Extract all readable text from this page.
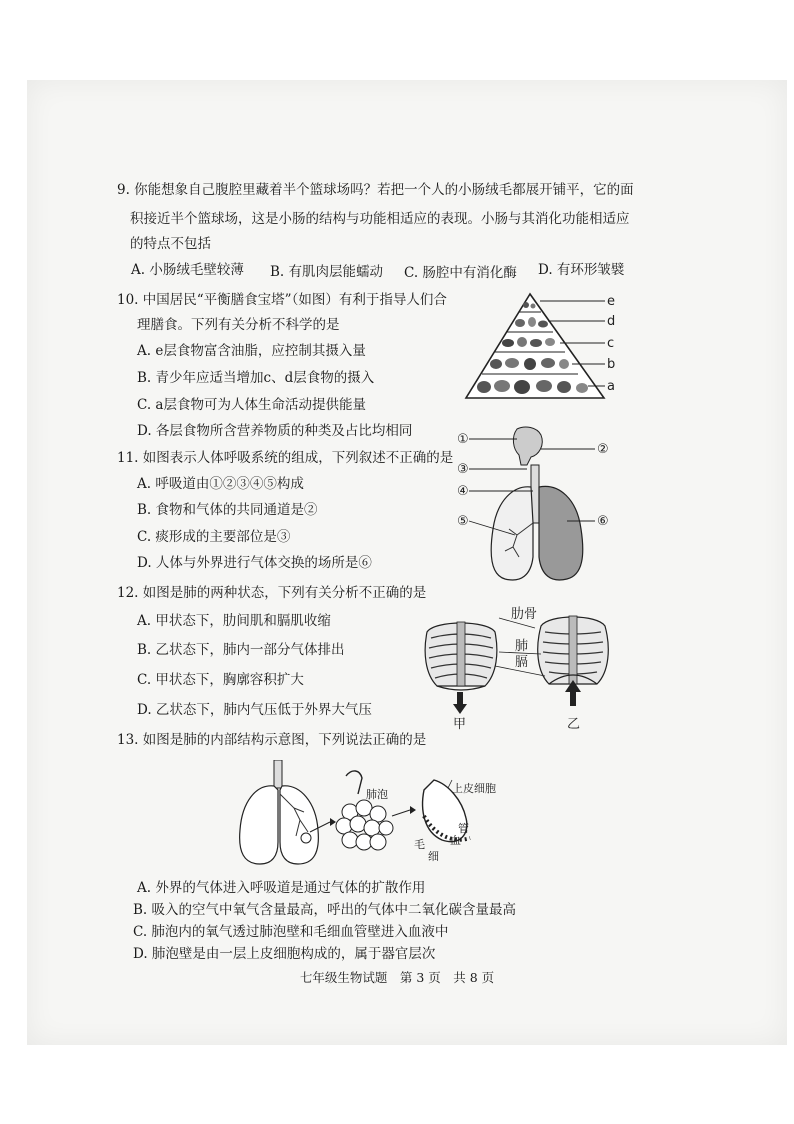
9. 你能想象自己腹腔里藏着半个篮球场吗？若把一个人的小肠绒毛都展开铺平，它的面
积接近半个篮球场，这是小肠的结构与功能相适应的表现。小肠与其消化功能相适应
的特点不包括
A. 小肠绒毛壁较薄 B. 有肌肉层能蠕动 C. 肠腔中有消化酶 D. 有环形皱襞
10. 中国居民“平衡膳食宝塔”（如图）有利于指导人们合
理膳食。下列有关分析不科学的是
A. e层食物富含油脂，应控制其摄入量
B. 青少年应适当增加c、d层食物的摄入
C. a层食物可为人体生命活动提供能量
D. 各层食物所含营养物质的种类及占比均相同
e
d
c
b
a
11. 如图表示人体呼吸系统的组成，下列叙述不正确的是
A. 呼吸道由①②③④⑤构成
B. 食物和气体的共同通道是②
C. 痰形成的主要部位是③
D. 人体与外界进行气体交换的场所是⑥
①
②
③
④
⑤	⑥
12. 如图是肺的两种状态，下列有关分析不正确的是
A. 甲状态下，肋间肌和膈肌收缩
B. 乙状态下，肺内一部分气体排出
C. 甲状态下，胸廓容积扩大
D. 乙状态下，肺内气压低于外界大气压
肋骨
肺
膈
甲	乙
13. 如图是肺的内部结构示意图，下列说法正确的是
肺泡	上皮细胞
管
血
毛
细
A. 外界的气体进入呼吸道是通过气体的扩散作用
B. 吸入的空气中氧气含量最高，呼出的气体中二氧化碳含量最高
C. 肺泡内的氧气透过肺泡壁和毛细血管壁进入血液中
D. 肺泡壁是由一层上皮细胞构成的，属于器官层次
七年级生物试题　第 3 页　共 8 页
